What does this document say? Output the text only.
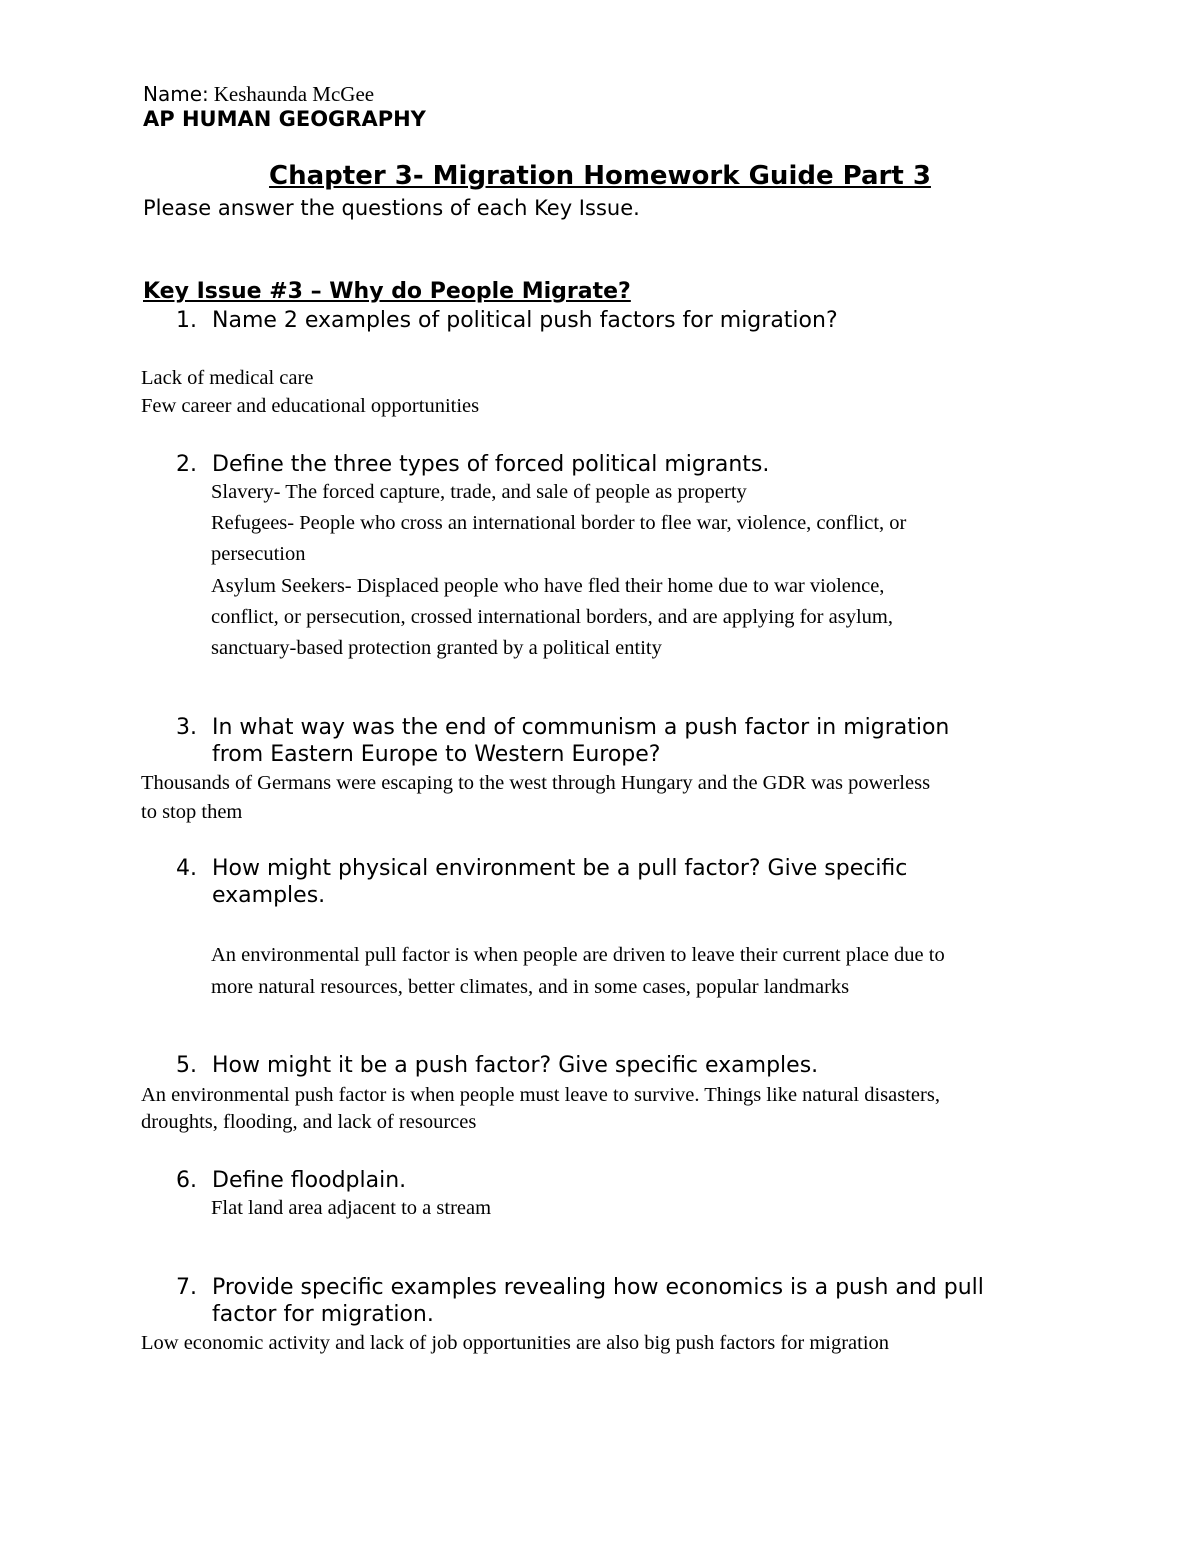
Name: Keshaunda McGee
AP HUMAN GEOGRAPHY
Chapter 3- Migration Homework Guide Part 3
Please answer the questions of each Key Issue.
Key Issue #3 – Why do People Migrate?
1. Name 2 examples of political push factors for migration?
Lack of medical care
Few career and educational opportunities
2. Define the three types of forced political migrants.
Slavery- The forced capture, trade, and sale of people as property
Refugees- People who cross an international border to flee war, violence, conflict, or
persecution
Asylum Seekers- Displaced people who have fled their home due to war violence,
conflict, or persecution, crossed international borders, and are applying for asylum,
sanctuary-based protection granted by a political entity
3. In what way was the end of communism a push factor in migration
from Eastern Europe to Western Europe?
Thousands of Germans were escaping to the west through Hungary and the GDR was powerless
to stop them
4. How might physical environment be a pull factor? Give specific
examples.
An environmental pull factor is when people are driven to leave their current place due to
more natural resources, better climates, and in some cases, popular landmarks
5. How might it be a push factor? Give specific examples.
An environmental push factor is when people must leave to survive. Things like natural disasters,
droughts, flooding, and lack of resources
6. Define floodplain.
Flat land area adjacent to a stream
7. Provide specific examples revealing how economics is a push and pull
factor for migration.
Low economic activity and lack of job opportunities are also big push factors for migration
